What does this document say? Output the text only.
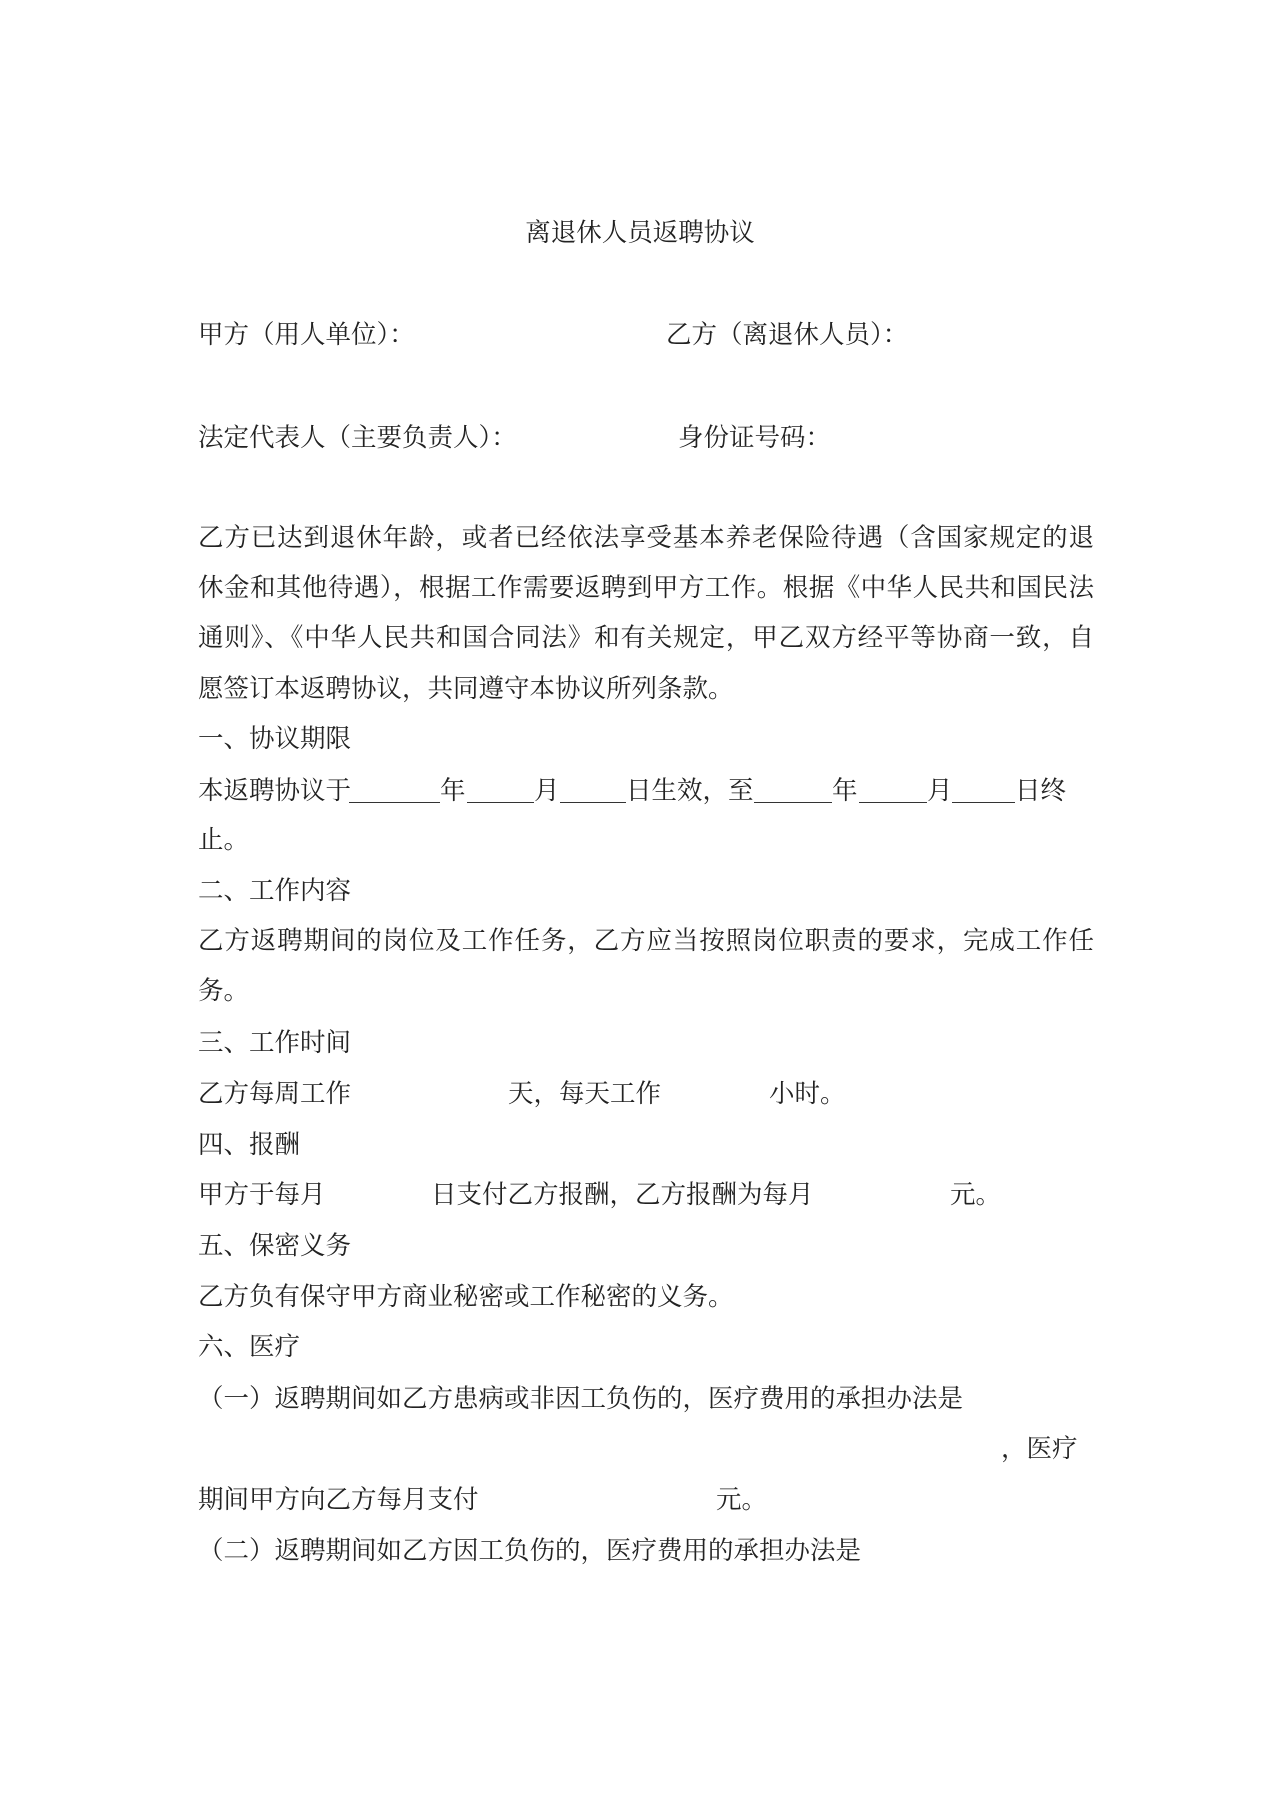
离退休人员返聘协议
甲方（用人单位）：	乙方（离退休人员）：
法定代表人（主要负责人）：	身份证号码：
乙方已达到退休年龄，或者已经依法享受基本养老保险待遇（含国家规定的退
休金和其他待遇），根据工作需要返聘到甲方工作。根据《中华人民共和国民法
通则》、《中华人民共和国合同法》和有关规定，甲乙双方经平等协商一致，自
愿签订本返聘协议，共同遵守本协议所列条款。
一、协议期限
本返聘协议于	年	月	日生效，至	年	月 日终
止。
二、工作内容
乙方返聘期间的岗位及工作任务，乙方应当按照岗位职责的要求，完成工作任
务。
三、工作时间
乙方每周工作	天，每天工作	小时。
四、报酬
甲方于每月	日支付乙方报酬，乙方报酬为每月	元。
五、保密义务
乙方负有保守甲方商业秘密或工作秘密的义务。
六、医疗
（一）返聘期间如乙方患病或非因工负伤的，医疗费用的承担办法是
，医疗
期间甲方向乙方每月支付	元。
（二）返聘期间如乙方因工负伤的，医疗费用的承担办法是
